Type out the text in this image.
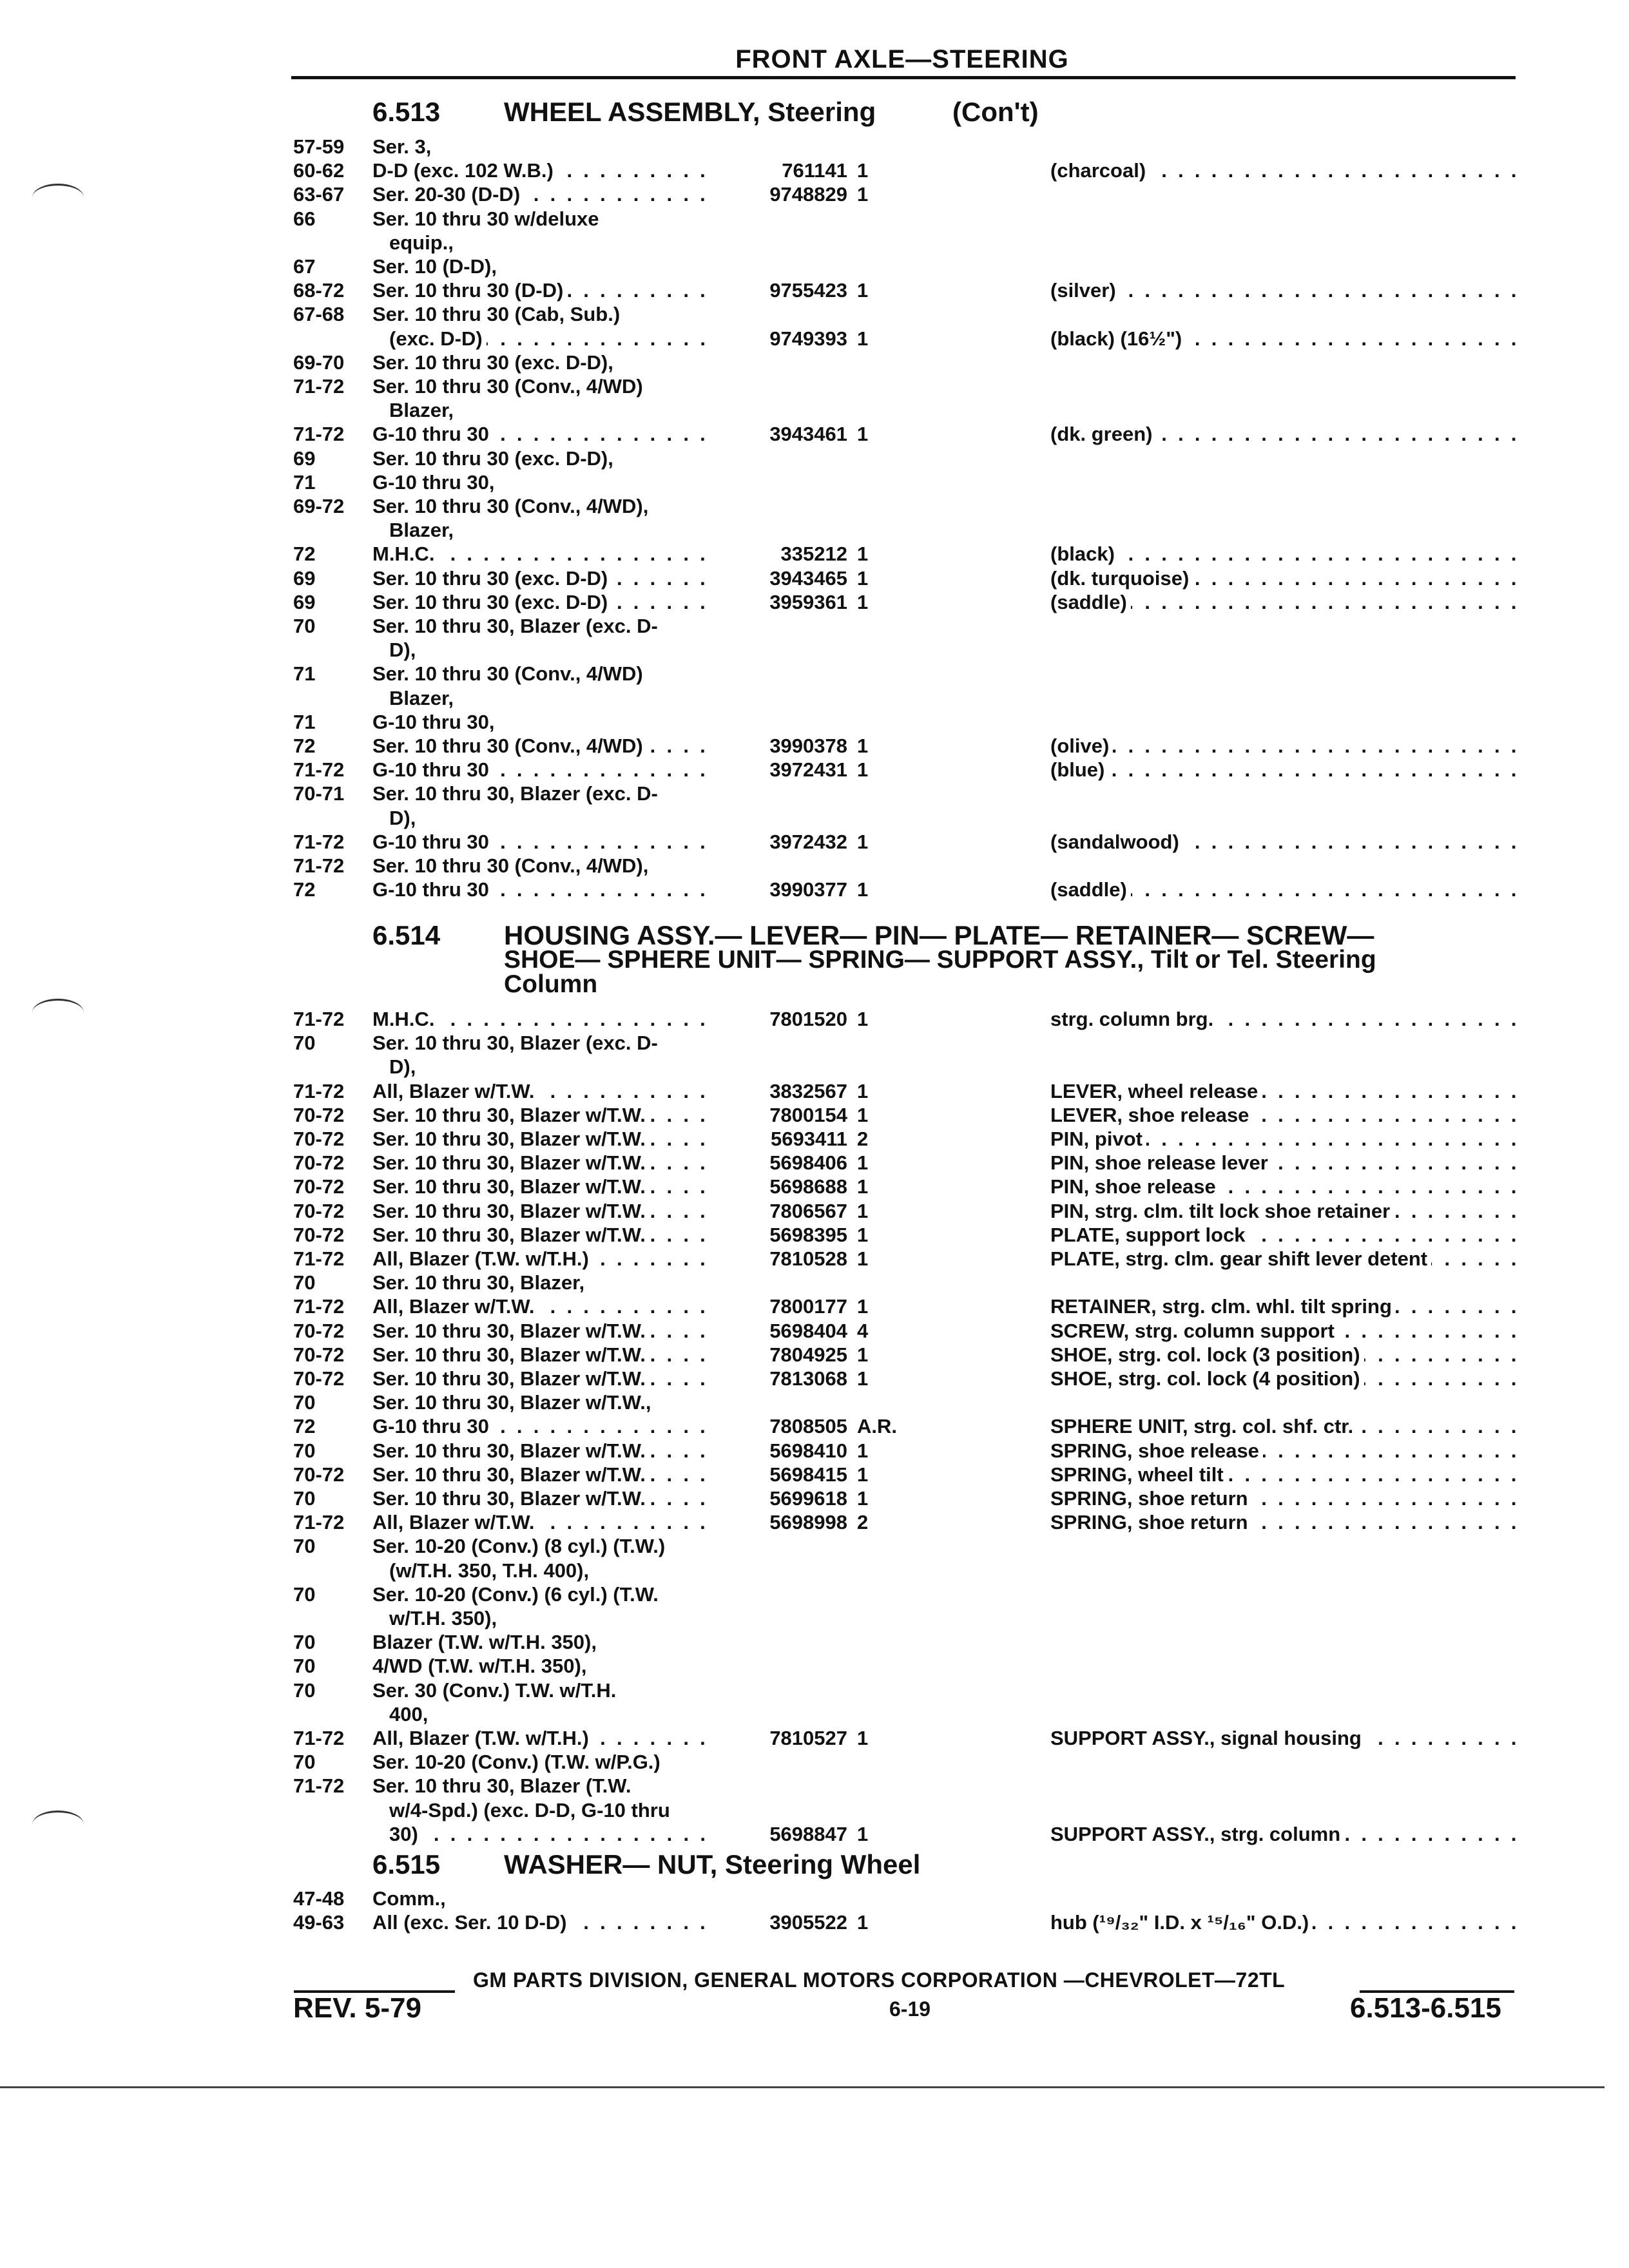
FRONT AXLE—STEERING
6.513 WHEEL ASSEMBLY, Steering	(Con't)
57-59 Ser. 3,
60-62 D-D (exc. 102 W.B.) . .	761141 1	(charcoal) . .
63-67 Ser. 20-30 (D-D) . .	9748829 1
66	Ser. 10 thru 30 w/deluxe
equip.,
67	Ser. 10 (D-D),
68-72 Ser. 10 thru 30 (D-D) . .	9755423 1	(silver) . .
67-68 Ser. 10 thru 30 (Cab, Sub.)
(exc. D-D) . .	9749393 1	(black) (16½") . .
69-70 Ser. 10 thru 30 (exc. D-D),
71-72 Ser. 10 thru 30 (Conv., 4/WD)
Blazer,
71-72 G-10 thru 30 . .	3943461 1	(dk. green) . .
69	Ser. 10 thru 30 (exc. D-D),
71	G-10 thru 30,
69-72 Ser. 10 thru 30 (Conv., 4/WD),
Blazer,
72	M.H.C. . .	335212 1	(black) . .
69	Ser. 10 thru 30 (exc. D-D) . .	3943465 1	(dk. turquoise) . .
69	Ser. 10 thru 30 (exc. D-D) . .	3959361 1	(saddle) . .
70	Ser. 10 thru 30, Blazer (exc. D-
D),
71	Ser. 10 thru 30 (Conv., 4/WD)
Blazer,
71	G-10 thru 30,
72	Ser. 10 thru 30 (Conv., 4/WD) . .	3990378 1	(olive) . .
71-72 G-10 thru 30 . .	3972431 1	(blue) . .
70-71 Ser. 10 thru 30, Blazer (exc. D-
D),
71-72 G-10 thru 30 . .	3972432 1	(sandalwood) . .
71-72 Ser. 10 thru 30 (Conv., 4/WD),
72	G-10 thru 30 . .	3990377 1	(saddle) . .
6.514 HOUSING ASSY.— LEVER— PIN— PLATE— RETAINER— SCREW—
SHOE— SPHERE UNIT— SPRING— SUPPORT ASSY., Tilt or Tel. Steering
Column
71-72 M.H.C. . .	7801520 1	strg. column brg. . .
70	Ser. 10 thru 30, Blazer (exc. D-
D),
71-72 All, Blazer w/T.W. . .	3832567 1	LEVER, wheel release . .
70-72 Ser. 10 thru 30, Blazer w/T.W. . .	7800154 1	LEVER, shoe release . .
70-72 Ser. 10 thru 30, Blazer w/T.W. . .	5693411 2	PIN, pivot . .
70-72 Ser. 10 thru 30, Blazer w/T.W. . .	5698406 1	PIN, shoe release lever . .
70-72 Ser. 10 thru 30, Blazer w/T.W. . .	5698688 1	PIN, shoe release . .
70-72 Ser. 10 thru 30, Blazer w/T.W. . .	7806567 1	PIN, strg. clm. tilt lock shoe retainer . .
70-72 Ser. 10 thru 30, Blazer w/T.W. . .	5698395 1	PLATE, support lock . .
71-72 All, Blazer (T.W. w/T.H.) . .	7810528 1	PLATE, strg. clm. gear shift lever detent . .
70	Ser. 10 thru 30, Blazer,
71-72 All, Blazer w/T.W. . .	7800177 1	RETAINER, strg. clm. whl. tilt spring . .
70-72 Ser. 10 thru 30, Blazer w/T.W. . .	5698404 4	SCREW, strg. column support . .
70-72 Ser. 10 thru 30, Blazer w/T.W. . .	7804925 1	SHOE, strg. col. lock (3 position) . .
70-72 Ser. 10 thru 30, Blazer w/T.W. . .	7813068 1	SHOE, strg. col. lock (4 position) . .
70	Ser. 10 thru 30, Blazer w/T.W.,
72	G-10 thru 30 . .	7808505 A.R.	SPHERE UNIT, strg. col. shf. ctr. . .
70	Ser. 10 thru 30, Blazer w/T.W. . .	5698410 1	SPRING, shoe release . .
70-72 Ser. 10 thru 30, Blazer w/T.W. . .	5698415 1	SPRING, wheel tilt . .
70	Ser. 10 thru 30, Blazer w/T.W. . .	5699618 1	SPRING, shoe return . .
71-72 All, Blazer w/T.W. . .	5698998 2	SPRING, shoe return . .
70	Ser. 10-20 (Conv.) (8 cyl.) (T.W.)
(w/T.H. 350, T.H. 400),
70	Ser. 10-20 (Conv.) (6 cyl.) (T.W.
w/T.H. 350),
70	Blazer (T.W. w/T.H. 350),
70	4/WD (T.W. w/T.H. 350),
70	Ser. 30 (Conv.) T.W. w/T.H.
400,
71-72 All, Blazer (T.W. w/T.H.) . .	7810527 1	SUPPORT ASSY., signal housing . .
70	Ser. 10-20 (Conv.) (T.W. w/P.G.)
71-72 Ser. 10 thru 30, Blazer (T.W.
w/4-Spd.) (exc. D-D, G-10 thru
30) . .	5698847 1	SUPPORT ASSY., strg. column . .
6.515 WASHER— NUT, Steering Wheel
47-48 Comm.,
49-63 All (exc. Ser. 10 D-D) . .	3905522 1	hub (¹⁹/₃₂" I.D. x ¹⁵/₁₆" O.D.) . .
GM PARTS DIVISION, GENERAL MOTORS CORPORATION —CHEVROLET—72TL
REV. 5-79	6-19	6.513-6.515
